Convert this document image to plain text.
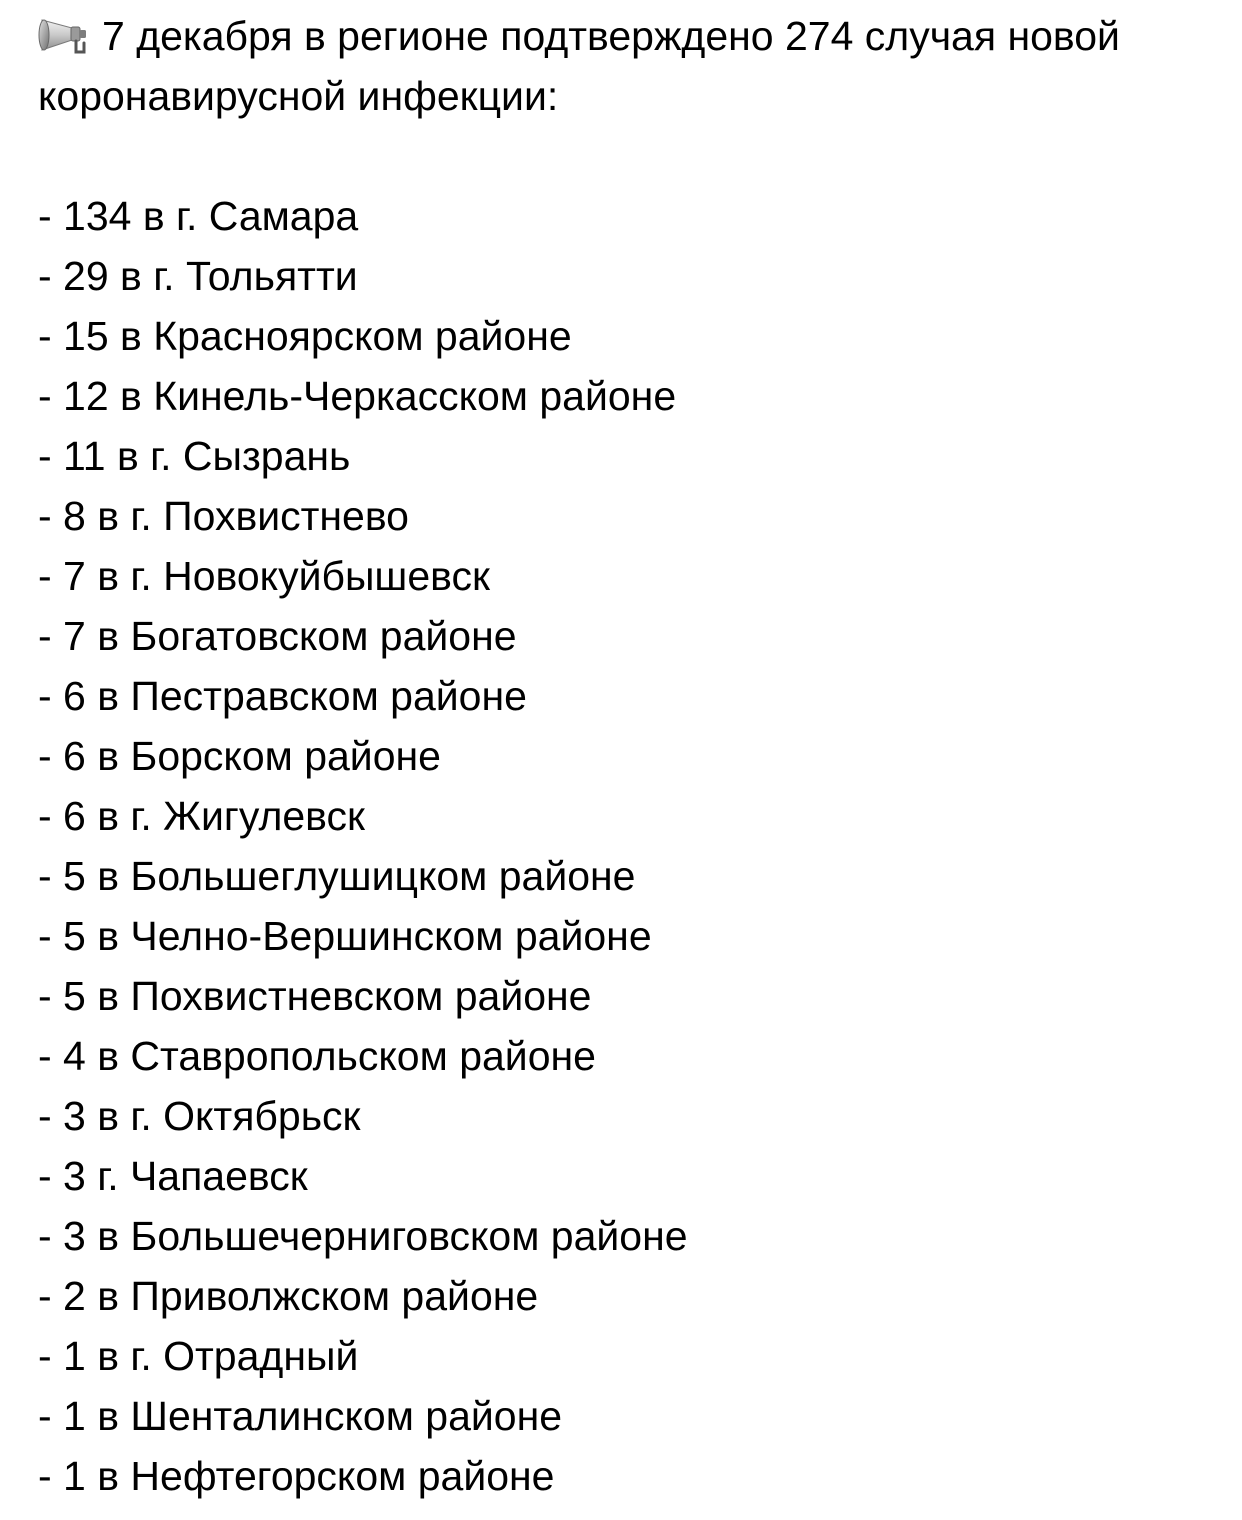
7 декабря в регионе подтверждено 274 случая новой коронавирусной инфекции:

- 134 в г. Самара
- 29 в г. Тольятти
- 15 в Красноярском районе
- 12 в Кинель-Черкасском районе
- 11 в г. Сызрань
- 8 в г. Похвистнево
- 7 в г. Новокуйбышевск
- 7 в Богатовском районе
- 6 в Пестравском районе
- 6 в Борском районе
- 6 в г. Жигулевск
- 5 в Большеглушицком районе
- 5 в Челно-Вершинском районе
- 5 в Похвистневском районе
- 4 в Ставропольском районе
- 3 в г. Октябрьск
- 3 г. Чапаевск
- 3 в Большечерниговском районе
- 2 в Приволжском районе
- 1 в г. Отрадный
- 1 в Шенталинском районе
- 1 в Нефтегорском районе
